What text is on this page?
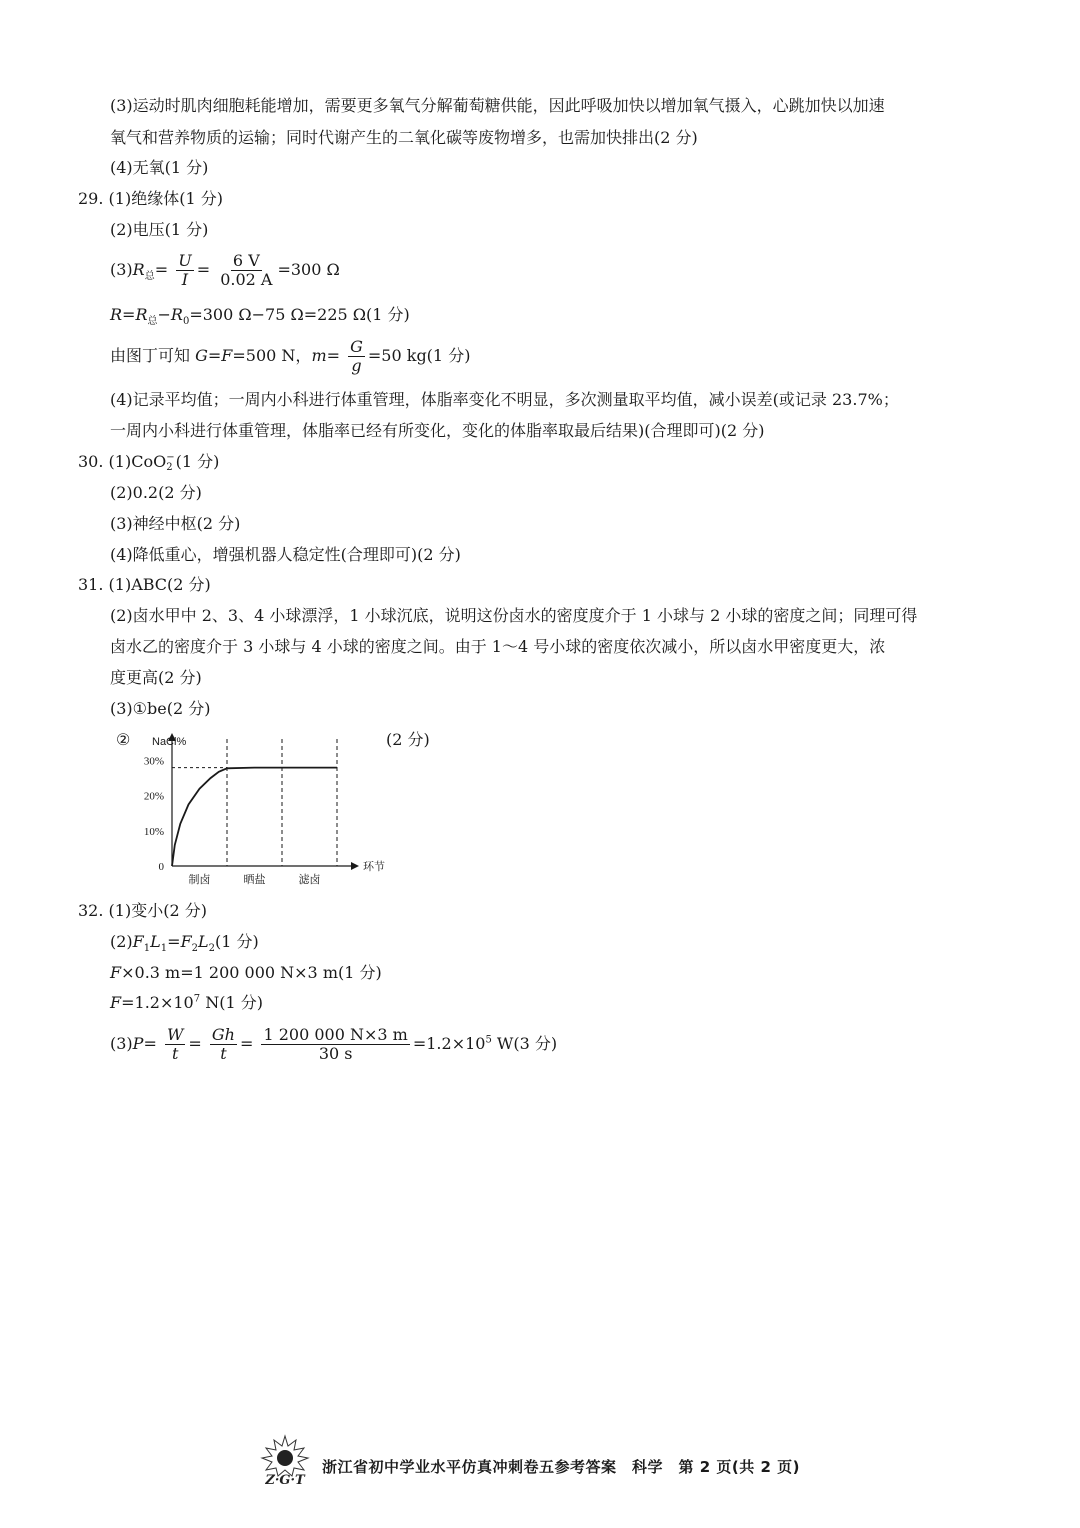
(3)运动时肌肉细胞耗能增加，需要更多氧气分解葡萄糖供能，因此呼吸加快以增加氧气摄入，心跳加快以加速
氧气和营养物质的运输；同时代谢产生的二氧化碳等废物增多，也需加快排出(2 分)
(4)无氧(1 分)
29. (1)绝缘体(1 分)
(2)电压(1 分)
$(3)R_总= \frac{U}{I} = \frac{6 V}{0.02 A} =300$ Ω
$R=R_总-R_0=300$ Ω−75 Ω=225 Ω(1 分)
由图丁可知 G=F=500 N，$m= \frac{G}{g} =50$ kg(1 分)
(4)记录平均值；一周内小科进行体重管理，体脂率变化不明显，多次测量取平均值，减小误差(或记录 23.7%；
一周内小科进行体重管理，体脂率已经有所变化，变化的体脂率取最后结果)(合理即可)(2 分)
30. (1)CoO −
2 (1 分)
(2)0.2(2 分)
(3)神经中枢(2 分)
(4)降低重心，增强机器人稳定性(合理即可)(2 分)
31. (1)ABC(2 分)
(2)卤水甲中 2、3、4 小球漂浮，1 小球沉底，说明这份卤水的密度度介于 1 小球与 2 小球的密度之间；同理可得
卤水乙的密度介于 3 小球与 4 小球的密度之间。由于 1～4 号小球的密度依次减小，所以卤水甲密度更大，浓
度更高(2 分)
(3)①be(2 分)
②	(2 分)
NaCl%
环节
0
10%
20%
30%
制卤	晒盐	滤卤
32. (1)变小(2 分)
$(2)F_1L_1=F_2L_2(1$ 分)
F×0.3 m=1 200 000 N×3 m(1 分)
$F=1.2\times 10^7$ N(1 分)
$(3)P= \frac{W}{t} = \frac{Gh}{t} = \frac{1 200 000 N\times 3 m}{30 s} =1.2\times 10^5$ W(3 分)
Z·G·T
浙江省初中学业水平仿真冲刺卷五参考答案　科学　第 2 页(共 2 页)
